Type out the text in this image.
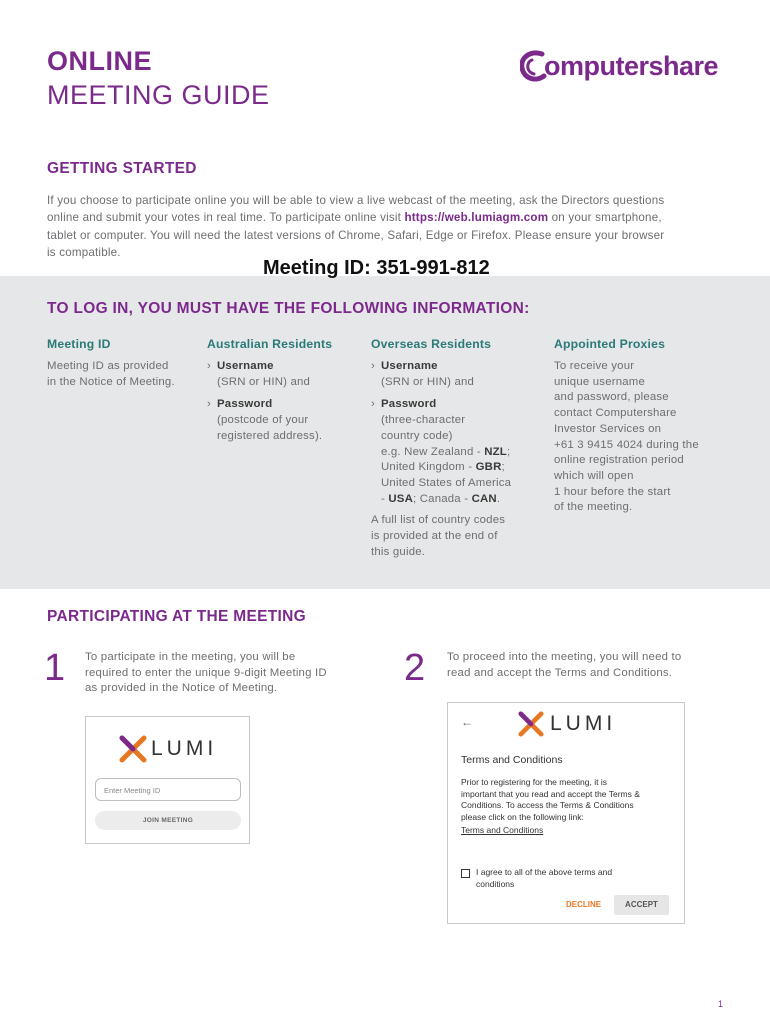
ONLINE
MEETING GUIDE
omputershare
GETTING STARTED
If you choose to participate online you will be able to view a live webcast of the meeting, ask the Directors questions
online and submit your votes in real time. To participate online visit https://web.lumiagm.com on your smartphone,
tablet or computer. You will need the latest versions of Chrome, Safari, Edge or Firefox. Please ensure your browser
is compatible.
Meeting ID: 351-991-812
TO LOG IN, YOU MUST HAVE THE FOLLOWING INFORMATION:
Meeting ID
Meeting ID as provided
in the Notice of Meeting.
Australian Residents
› Username
(SRN or HIN) and
› Password
(postcode of your
registered address).
Overseas Residents
› Username
(SRN or HIN) and
› Password
(three-character
country code)
e.g. New Zealand - NZL;
United Kingdom - GBR;
United States of America
- USA; Canada - CAN.
A full list of country codes
is provided at the end of
this guide.
Appointed Proxies
To receive your
unique username
and password, please
contact Computershare
Investor Services on
+61 3 9415 4024 during the
online registration period
which will open
1 hour before the start
of the meeting.
PARTICIPATING AT THE MEETING
1 To participate in the meeting, you will be
required to enter the unique 9-digit Meeting ID
as provided in the Notice of Meeting.	2 To proceed into the meeting, you will need to
read and accept the Terms and Conditions.
LUMI
Enter Meeting ID
JOIN MEETING
←	LUMI
Terms and Conditions
Prior to registering for the meeting, it is
important that you read and accept the Terms &
Conditions. To access the Terms & Conditions
please click on the following link:
Terms and Conditions
I agree to all of the above terms and
conditions
DECLINE	ACCEPT
1
